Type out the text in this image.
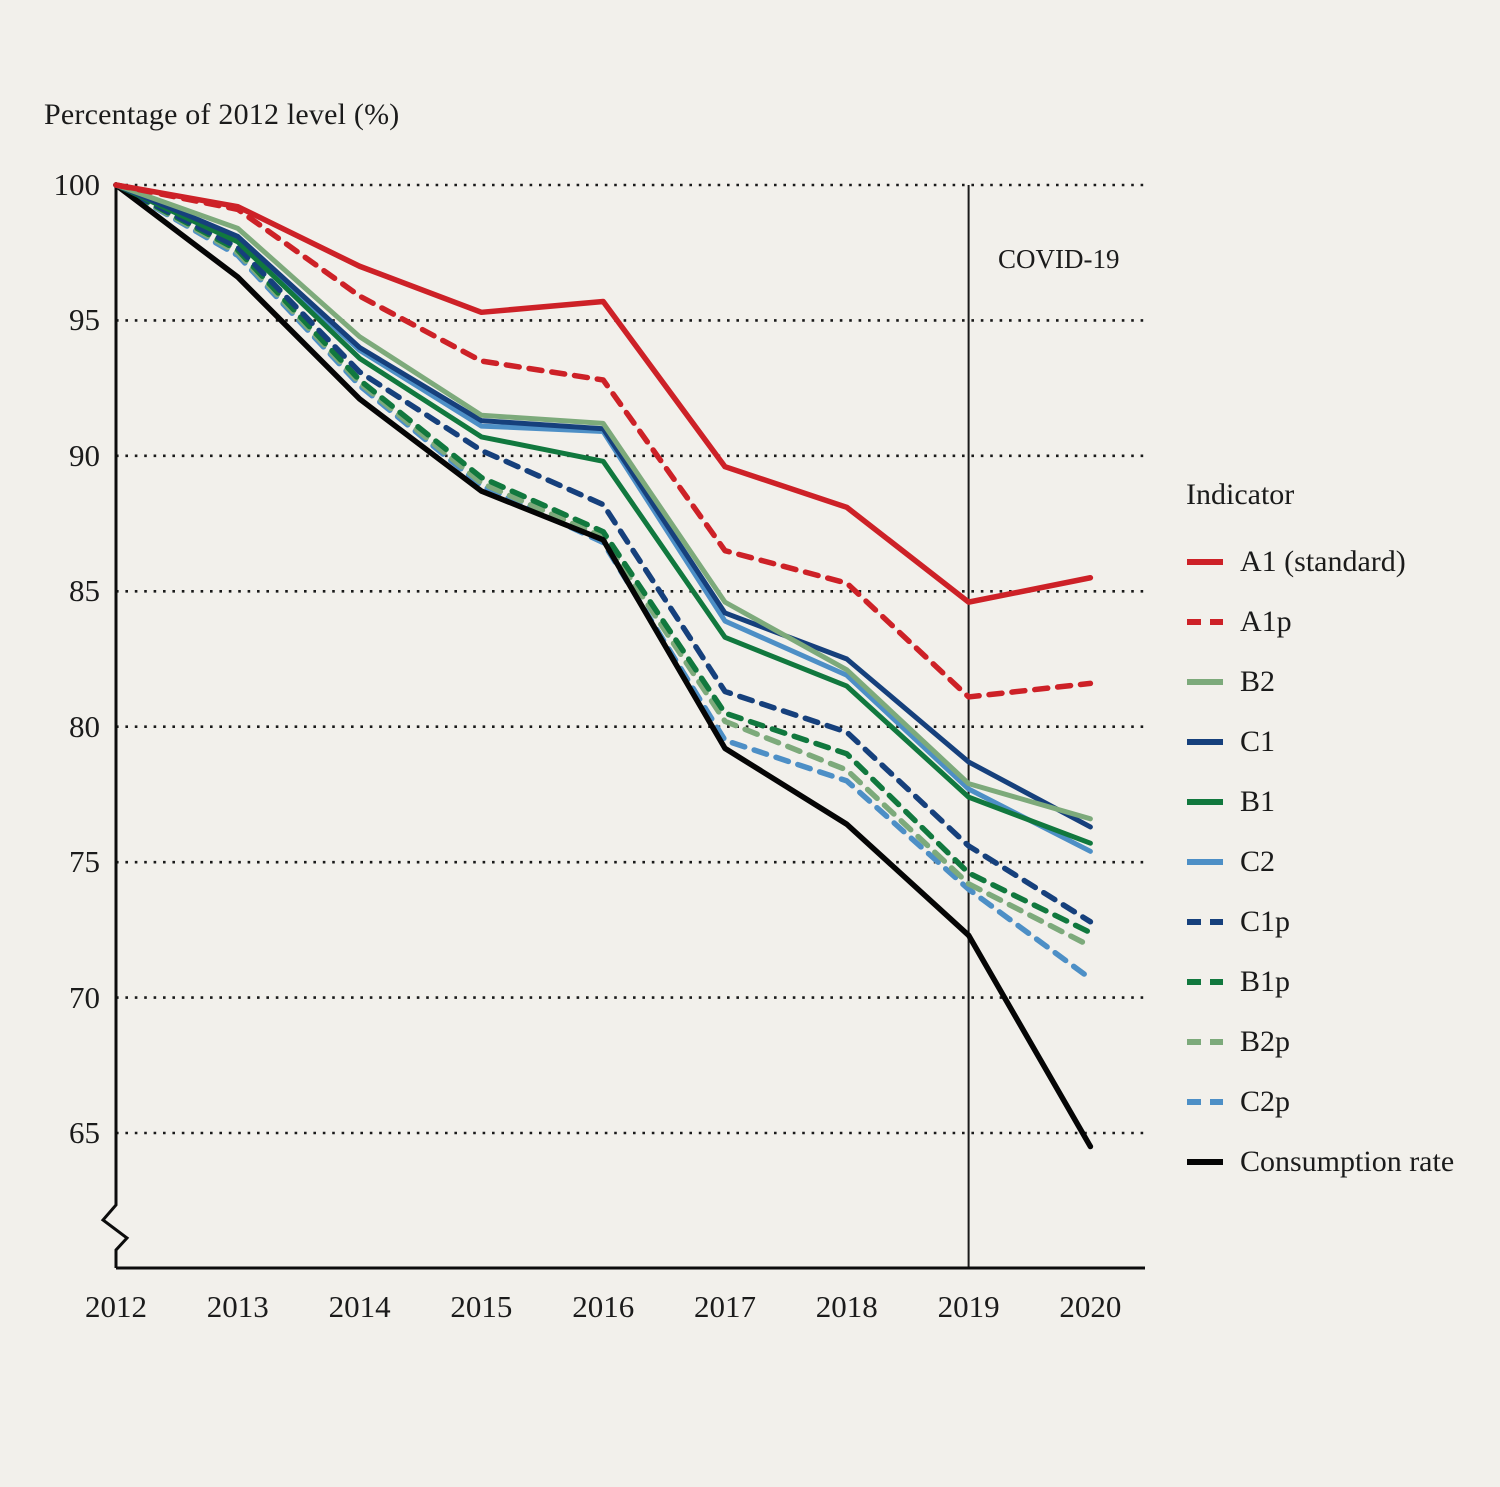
Percentage of 2012 level (%)
100
95
90
85
80
75
70
65
2012	2013	2014	2015	2016	2017	2018	2019	2020
COVID-19
Indicator
A1 (standard)
A1p
B2
C1
B1
C2
C1p
B1p
B2p
C2p
Consumption rate
